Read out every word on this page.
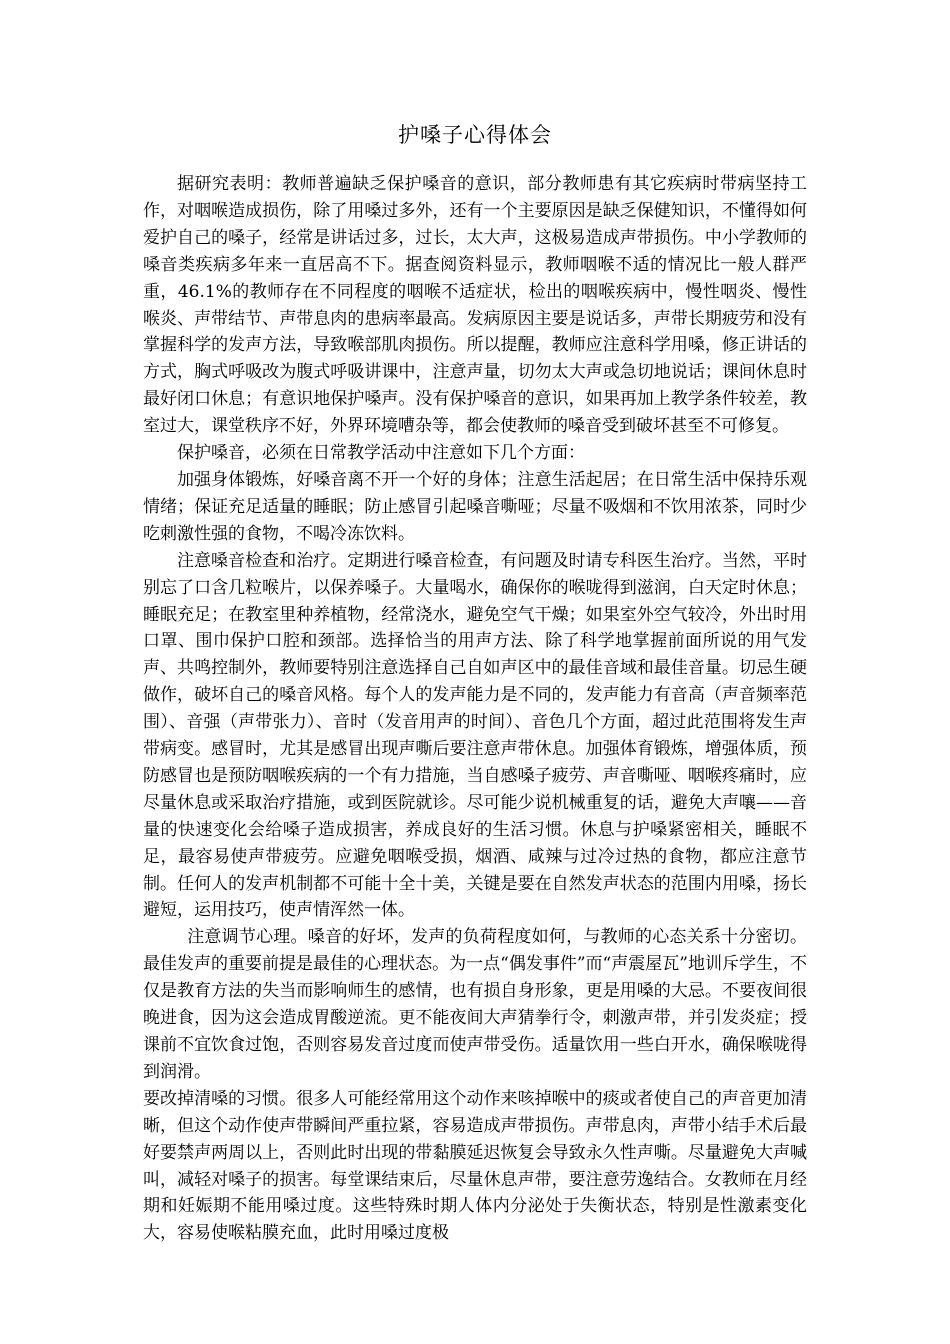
护嗓子心得体会

据研究表明：教师普遍缺乏保护嗓音的意识，部分教师患有其它疾病时带病坚持工作，对咽喉造成损伤，除了用嗓过多外，还有一个主要原因是缺乏保健知识，不懂得如何爱护自己的嗓子，经常是讲话过多，过长，太大声，这极易造成声带损伤。中小学教师的嗓音类疾病多年来一直居高不下。据查阅资料显示，教师咽喉不适的情况比一般人群严重，46.1%的教师存在不同程度的咽喉不适症状，检出的咽喉疾病中，慢性咽炎、慢性喉炎、声带结节、声带息肉的患病率最高。发病原因主要是说话多，声带长期疲劳和没有掌握科学的发声方法，导致喉部肌肉损伤。所以提醒，教师应注意科学用嗓，修正讲话的方式，胸式呼吸改为腹式呼吸讲课中，注意声量，切勿太大声或急切地说话；课间休息时最好闭口休息；有意识地保护嗓声。没有保护嗓音的意识，如果再加上教学条件较差，教室过大，课堂秩序不好，外界环境嘈杂等，都会使教师的嗓音受到破坏甚至不可修复。

保护嗓音，必须在日常教学活动中注意如下几个方面：

加强身体锻炼，好嗓音离不开一个好的身体；注意生活起居；在日常生活中保持乐观情绪；保证充足适量的睡眠；防止感冒引起嗓音嘶哑；尽量不吸烟和不饮用浓茶，同时少吃刺激性强的食物，不喝冷冻饮料。

注意嗓音检查和治疗。定期进行嗓音检查，有问题及时请专科医生治疗。当然，平时别忘了口含几粒喉片，以保养嗓子。大量喝水，确保你的喉咙得到滋润，白天定时休息；睡眠充足；在教室里种养植物，经常浇水，避免空气干燥；如果室外空气较冷，外出时用口罩、围巾保护口腔和颈部。选择恰当的用声方法、除了科学地掌握前面所说的用气发声、共鸣控制外，教师要特别注意选择自己自如声区中的最佳音域和最佳音量。切忌生硬做作，破坏自己的嗓音风格。每个人的发声能力是不同的，发声能力有音高（声音频率范围）、音强（声带张力）、音时（发音用声的时间）、音色几个方面，超过此范围将发生声带病变。感冒时，尤其是感冒出现声嘶后要注意声带休息。加强体育锻炼，增强体质，预防感冒也是预防咽喉疾病的一个有力措施，当自感嗓子疲劳、声音嘶哑、咽喉疼痛时，应尽量休息或采取治疗措施，或到医院就诊。尽可能少说机械重复的话，避免大声嚷——音量的快速变化会给嗓子造成损害，养成良好的生活习惯。休息与护嗓紧密相关，睡眠不足，最容易使声带疲劳。应避免咽喉受损，烟酒、咸辣与过冷过热的食物，都应注意节制。任何人的发声机制都不可能十全十美，关键是要在自然发声状态的范围内用嗓，扬长避短，运用技巧，使声情浑然一体。

注意调节心理。嗓音的好坏，发声的负荷程度如何，与教师的心态关系十分密切。最佳发声的重要前提是最佳的心理状态。为一点“偶发事件”而“声震屋瓦”地训斥学生，不仅是教育方法的失当而影响师生的感情，也有损自身形象，更是用嗓的大忌。不要夜间很晚进食，因为这会造成胃酸逆流。更不能夜间大声猜拳行令，刺激声带，并引发炎症；授课前不宜饮食过饱，否则容易发音过度而使声带受伤。适量饮用一些白开水，确保喉咙得到润滑。

要改掉清嗓的习惯。很多人可能经常用这个动作来咳掉喉中的痰或者使自己的声音更加清晰，但这个动作使声带瞬间严重拉紧，容易造成声带损伤。声带息肉，声带小结手术后最好要禁声两周以上，否则此时出现的带黏膜延迟恢复会导致永久性声嘶。尽量避免大声喊叫，减轻对嗓子的损害。每堂课结束后，尽量休息声带，要注意劳逸结合。女教师在月经期和妊娠期不能用嗓过度。这些特殊时期人体内分泌处于失衡状态，特别是性激素变化大，容易使喉粘膜充血，此时用嗓过度极
